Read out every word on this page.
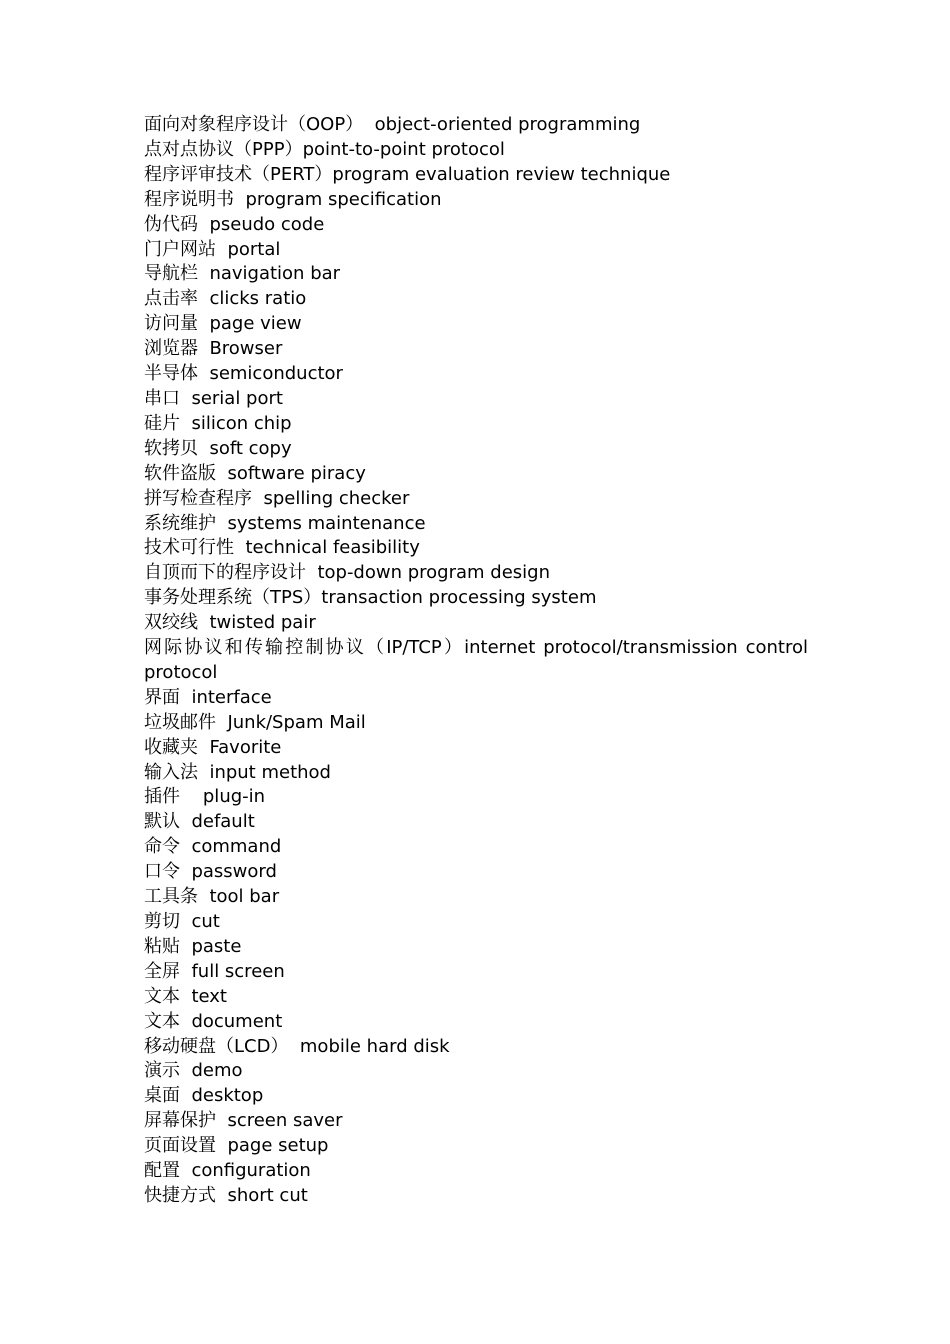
面向对象程序设计（OOP）  object-oriented programming
点对点协议（PPP）point-to-point protocol
程序评审技术（PERT）program evaluation review technique
程序说明书  program specification
伪代码  pseudo code
门户网站  portal
导航栏  navigation bar
点击率  clicks ratio
访问量  page view
浏览器  Browser
半导体  semiconductor
串口  serial port
硅片  silicon chip
软拷贝  soft copy
软件盗版  software piracy
拼写检查程序  spelling checker
系统维护  systems maintenance
技术可行性  technical feasibility
自顶而下的程序设计  top-down program design
事务处理系统（TPS）transaction processing system
双绞线  twisted pair
网际协议和传输控制协议（IP/TCP）internet protocol/transmission control
protocol
界面  interface
垃圾邮件  Junk/Spam Mail
收藏夹  Favorite
输入法  input method
插件    plug-in
默认  default
命令  command
口令  password
工具条  tool bar
剪切  cut
粘贴  paste
全屏  full screen
文本  text
文本  document
移动硬盘（LCD）  mobile hard disk
演示  demo
桌面  desktop
屏幕保护  screen saver
页面设置  page setup
配置  configuration
快捷方式  short cut
